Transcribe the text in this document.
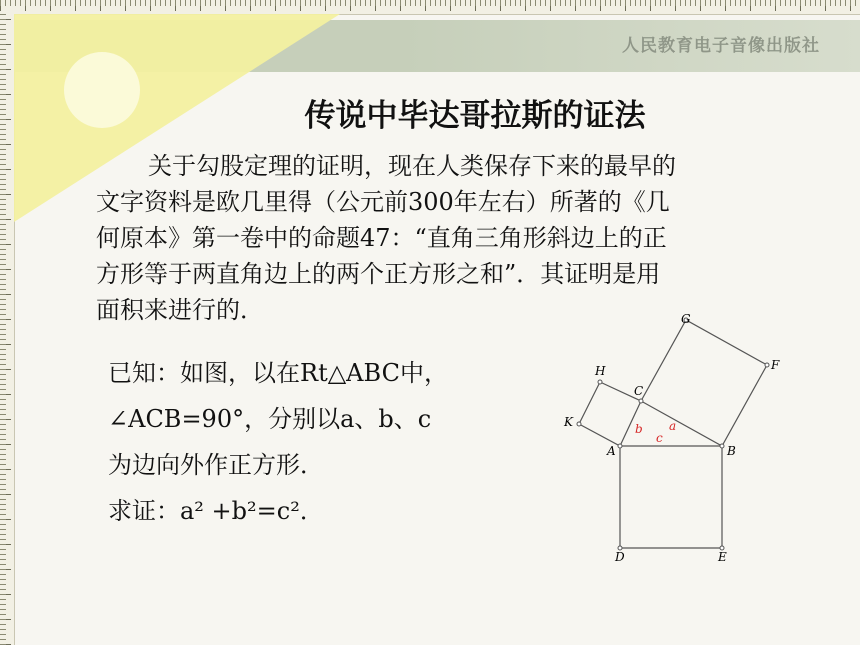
人民教育电子音像出版社
传说中毕达哥拉斯的证法
关于勾股定理的证明，现在人类保存下来的最早的
文字资料是欧几里得（公元前300年左右）所著的《几
何原本》第一卷中的命题47：“直角三角形斜边上的正
方形等于两直角边上的两个正方形之和”．其证明是用
面积来进行的．
已知：如图，以在Rt△ABC中，
∠ACB=90°，分别以a、b、c
为边向外作正方形．
求证：a² +b²=c²．
A	B
C
D	E
F
G
H
K	a
b
c
